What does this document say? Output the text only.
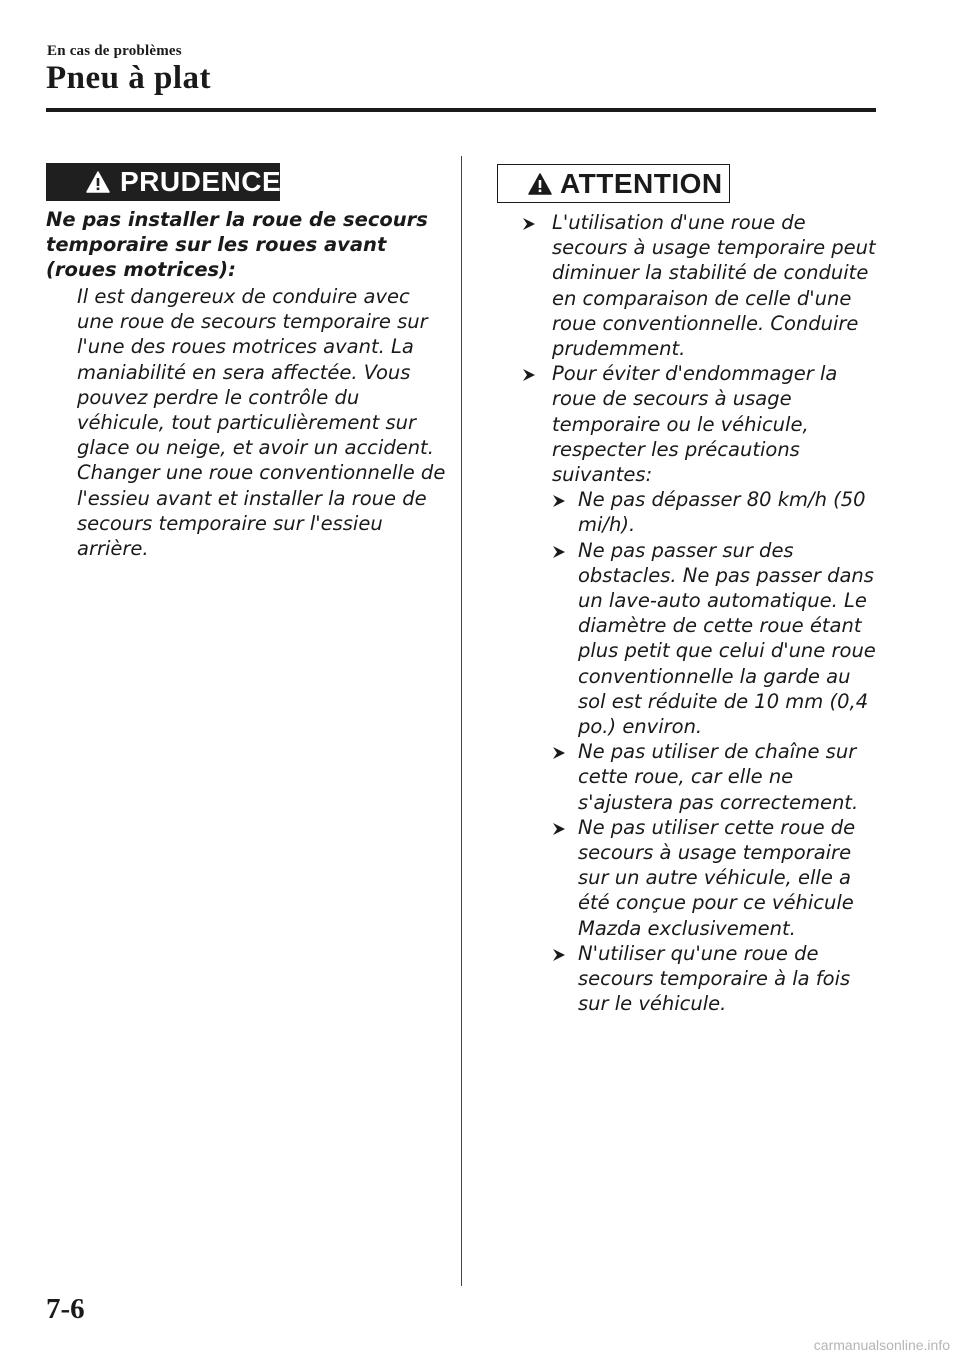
En cas de problèmes
Pneu à plat
PRUDENCE
Ne pas installer la roue de secours temporaire sur les roues avant (roues motrices):
Il est dangereux de conduire avec une roue de secours temporaire sur l'une des roues motrices avant. La maniabilité en sera affectée. Vous pouvez perdre le contrôle du véhicule, tout particulièrement sur glace ou neige, et avoir un accident. Changer une roue conventionnelle de l'essieu avant et installer la roue de secours temporaire sur l'essieu arrière.
ATTENTION
L'utilisation d'une roue de secours à usage temporaire peut diminuer la stabilité de conduite en comparaison de celle d'une roue conventionnelle. Conduire prudemment.
Pour éviter d'endommager la roue de secours à usage temporaire ou le véhicule, respecter les précautions suivantes:
Ne pas dépasser 80 km/h (50 mi/h).
Ne pas passer sur des obstacles. Ne pas passer dans un lave-auto automatique. Le diamètre de cette roue étant plus petit que celui d'une roue conventionnelle la garde au sol est réduite de 10 mm (0,4 po.) environ.
Ne pas utiliser de chaîne sur cette roue, car elle ne s'ajustera pas correctement.
Ne pas utiliser cette roue de secours à usage temporaire sur un autre véhicule, elle a été conçue pour ce véhicule Mazda exclusivement.
N'utiliser qu'une roue de secours temporaire à la fois sur le véhicule.
7-6
carmanualsonline.info
